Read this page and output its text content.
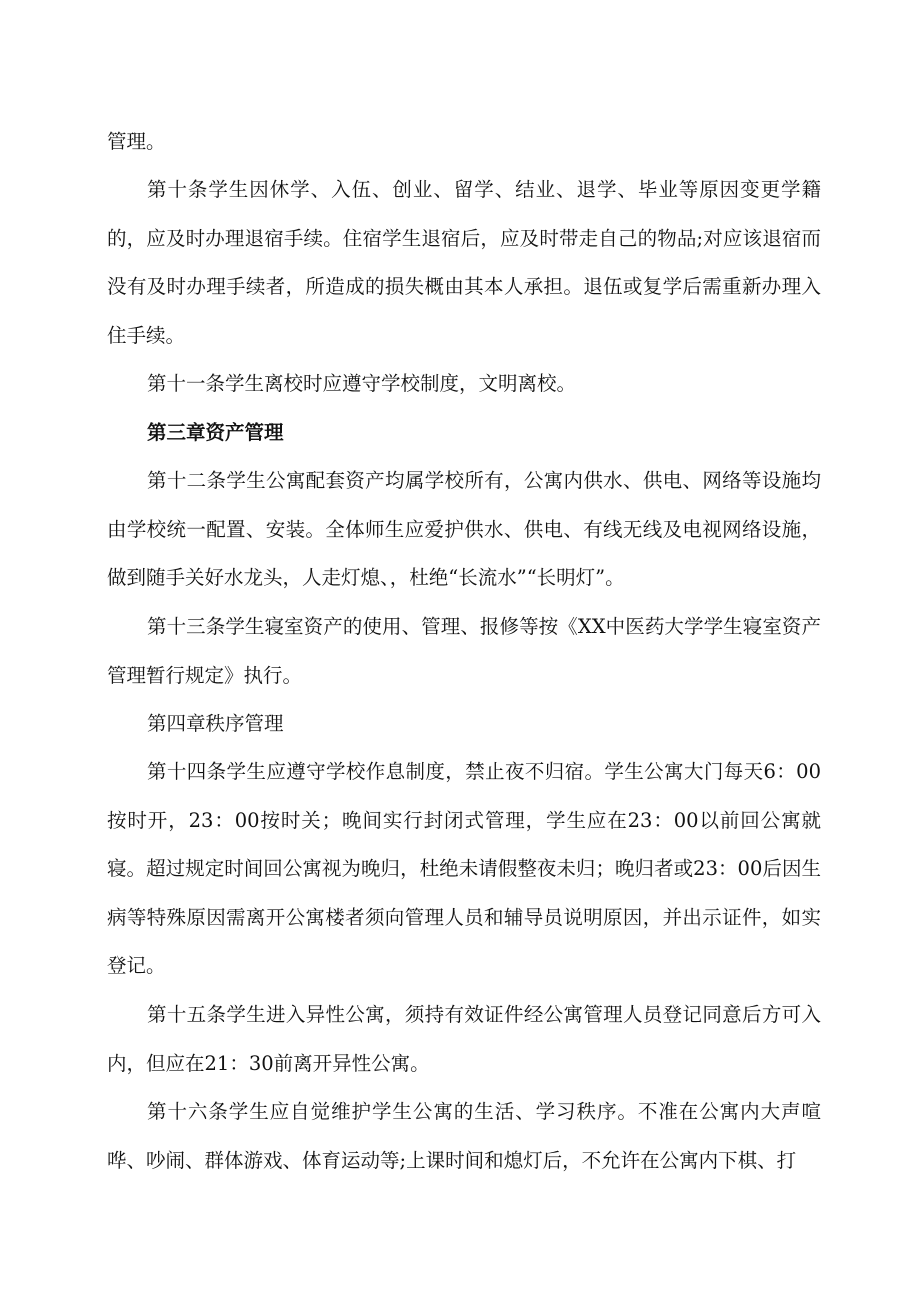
管理。

第十条学生因休学、入伍、创业、留学、结业、退学、毕业等原因变更学籍的，应及时办理退宿手续。住宿学生退宿后，应及时带走自己的物品;对应该退宿而没有及时办理手续者，所造成的损失概由其本人承担。退伍或复学后需重新办理入住手续。

第十一条学生离校时应遵守学校制度，文明离校。

第三章资产管理

第十二条学生公寓配套资产均属学校所有，公寓内供水、供电、网络等设施均由学校统一配置、安装。全体师生应爱护供水、供电、有线无线及电视网络设施，做到随手关好水龙头，人走灯熄、，杜绝“长流水”“长明灯”。

第十三条学生寝室资产的使用、管理、报修等按《XX中医药大学学生寝室资产管理暂行规定》执行。

第四章秩序管理

第十四条学生应遵守学校作息制度，禁止夜不归宿。学生公寓大门每天6：00按时开，23：00按时关；晚间实行封闭式管理，学生应在23：00以前回公寓就寝。超过规定时间回公寓视为晚归，杜绝未请假整夜未归；晚归者或23：00后因生病等特殊原因需离开公寓楼者须向管理人员和辅导员说明原因，并出示证件，如实登记。

第十五条学生进入异性公寓，须持有效证件经公寓管理人员登记同意后方可入内，但应在21：30前离开异性公寓。

第十六条学生应自觉维护学生公寓的生活、学习秩序。不准在公寓内大声喧哗、吵闹、群体游戏、体育运动等;上课时间和熄灯后，不允许在公寓内下棋、打
